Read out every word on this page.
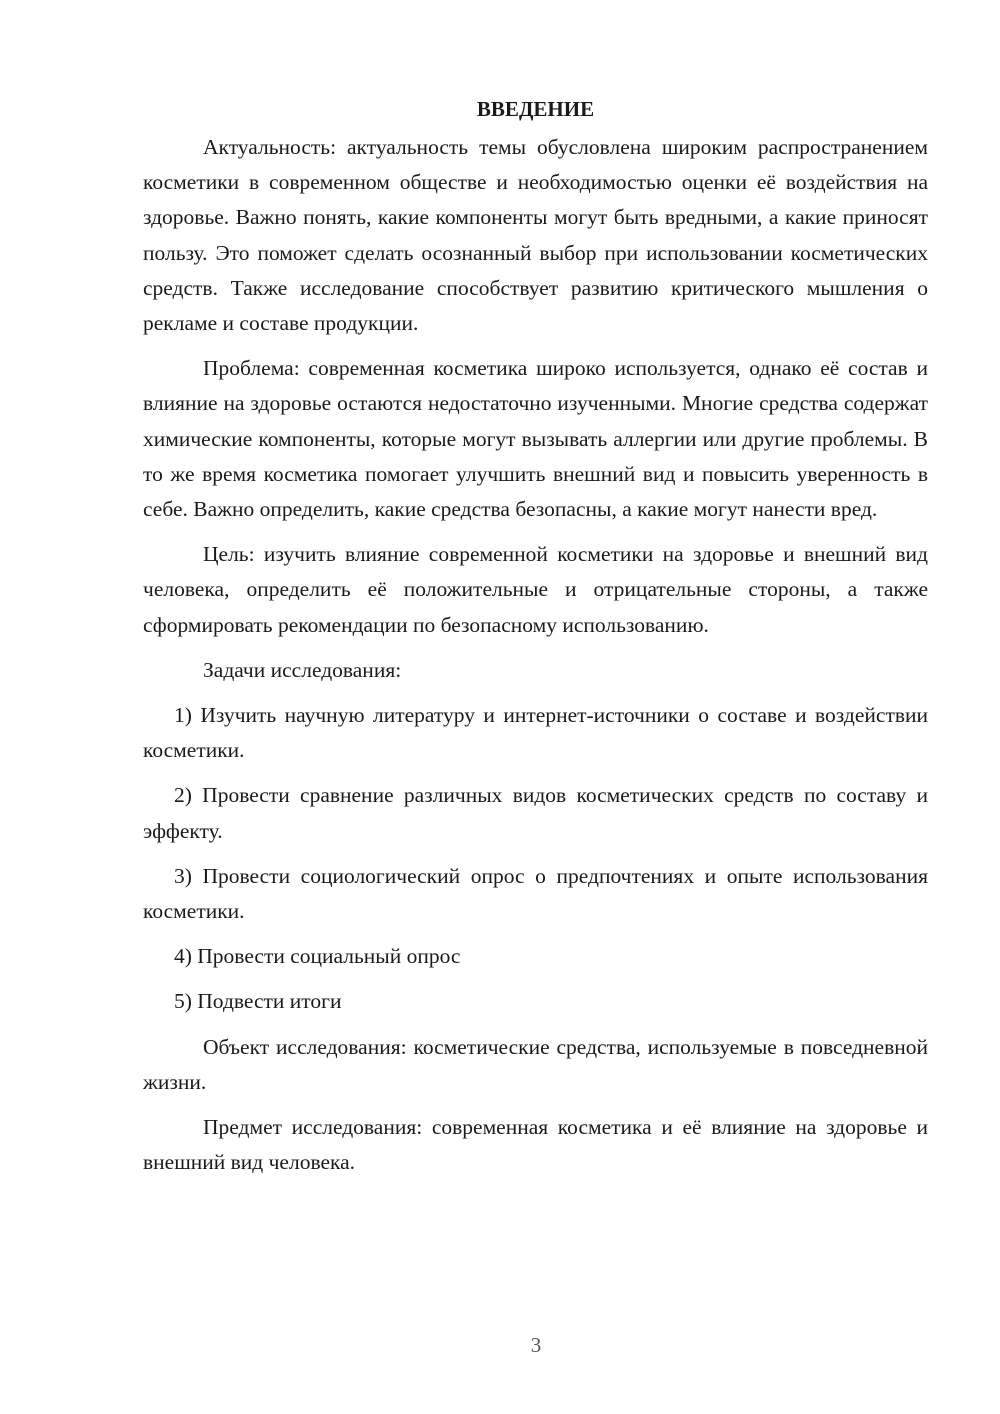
ВВЕДЕНИЕ

Актуальность: актуальность темы обусловлена широким распространением косметики в современном обществе и необходимостью оценки её воздействия на здоровье. Важно понять, какие компоненты могут быть вредными, а какие приносят пользу. Это поможет сделать осознанный выбор при использовании косметических средств. Также исследование способствует развитию критического мышления о рекламе и составе продукции.

Проблема: современная косметика широко используется, однако её состав и влияние на здоровье остаются недостаточно изученными. Многие средства содержат химические компоненты, которые могут вызывать аллергии или другие проблемы. В то же время косметика помогает улучшить внешний вид и повысить уверенность в себе. Важно определить, какие средства безопасны, а какие могут нанести вред.

Цель: изучить влияние современной косметики на здоровье и внешний вид человека, определить её положительные и отрицательные стороны, а также сформировать рекомендации по безопасному использованию.

Задачи исследования:

1) Изучить научную литературу и интернет-источники о составе и воздействии косметики.

2) Провести сравнение различных видов косметических средств по составу и эффекту.

3) Провести социологический опрос о предпочтениях и опыте использования косметики.

4) Провести социальный опрос

5) Подвести итоги

Объект исследования: косметические средства, используемые в повседневной жизни.

Предмет исследования: современная косметика и её влияние на здоровье и внешний вид человека.

3
